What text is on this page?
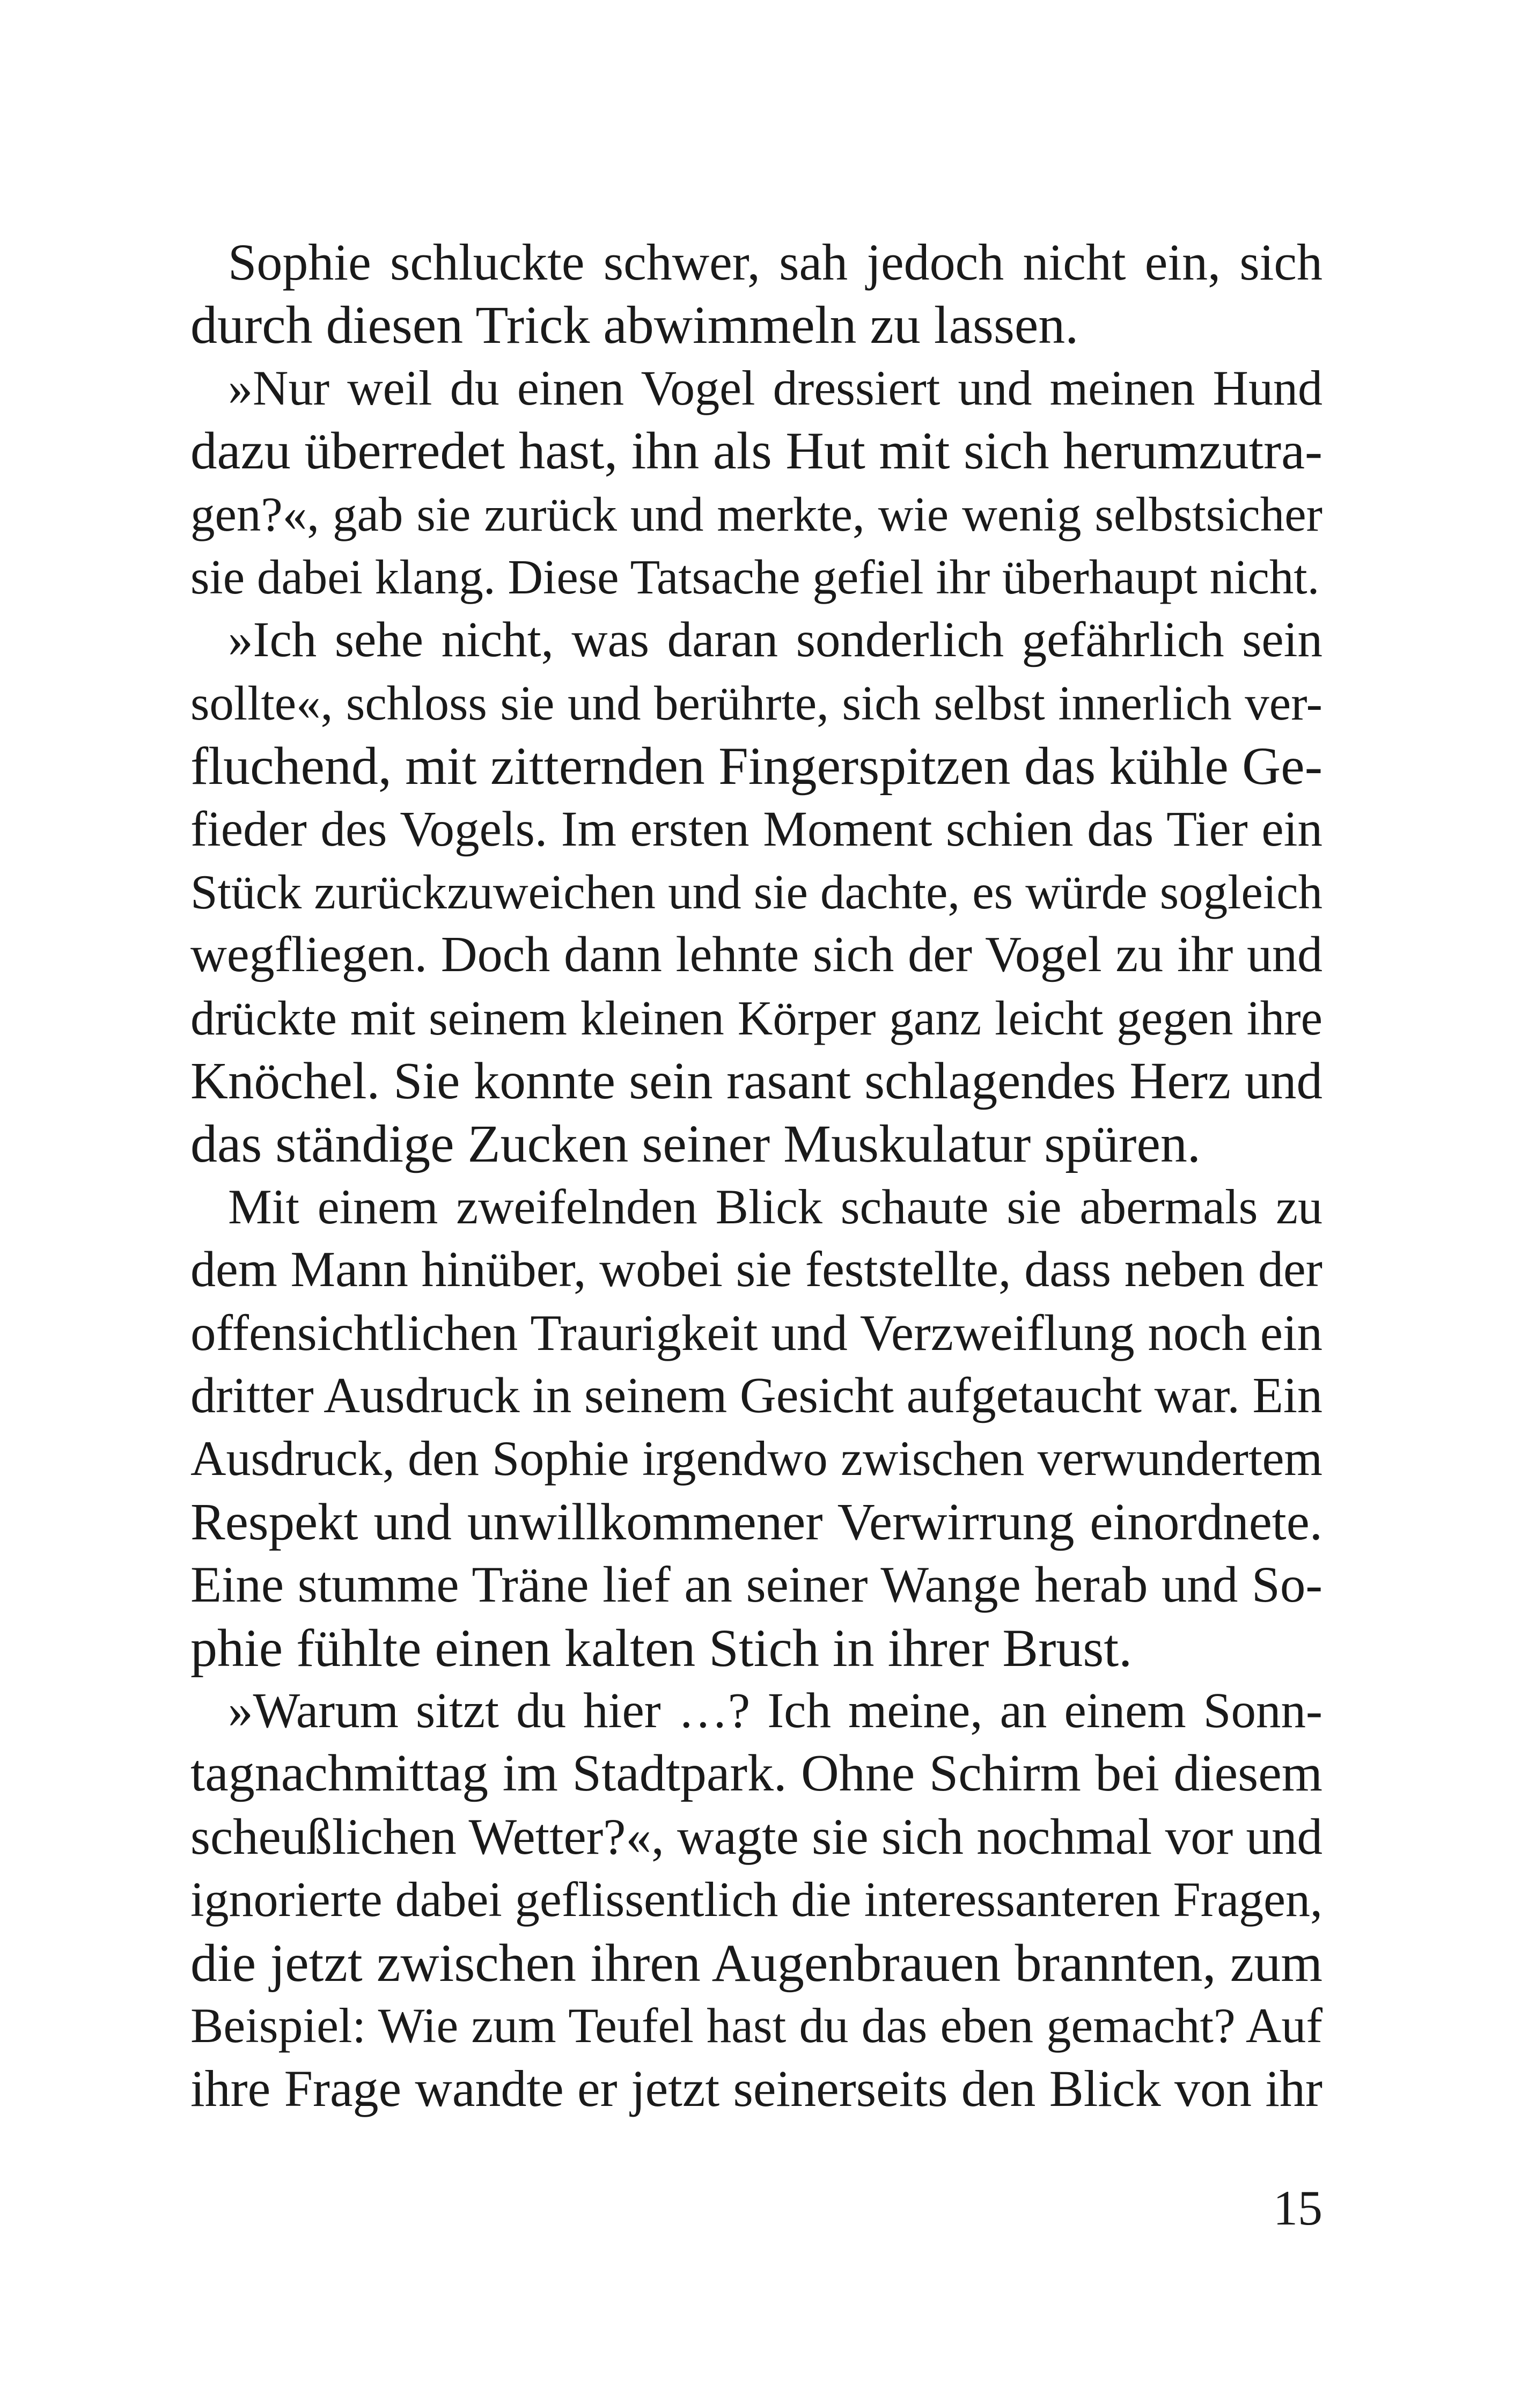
Sophie schluckte schwer, sah jedoch nicht ein, sich
durch diesen Trick abwimmeln zu lassen.
»Nur weil du einen Vogel dressiert und meinen Hund
dazu überredet hast, ihn als Hut mit sich herumzutra-
gen?«, gab sie zurück und merkte, wie wenig selbstsicher
sie dabei klang. Diese Tatsache gefiel ihr überhaupt nicht.
»Ich sehe nicht, was daran sonderlich gefährlich sein
sollte«, schloss sie und berührte, sich selbst innerlich ver-
fluchend, mit zitternden Fingerspitzen das kühle Ge-
fieder des Vogels. Im ersten Moment schien das Tier ein
Stück zurückzuweichen und sie dachte, es würde sogleich
wegfliegen. Doch dann lehnte sich der Vogel zu ihr und
drückte mit seinem kleinen Körper ganz leicht gegen ihre
Knöchel. Sie konnte sein rasant schlagendes Herz und
das ständige Zucken seiner Muskulatur spüren.
Mit einem zweifelnden Blick schaute sie abermals zu
dem Mann hinüber, wobei sie feststellte, dass neben der
offensichtlichen Traurigkeit und Verzweiflung noch ein
dritter Ausdruck in seinem Gesicht aufgetaucht war. Ein
Ausdruck, den Sophie irgendwo zwischen verwundertem
Respekt und unwillkommener Verwirrung einordnete.
Eine stumme Träne lief an seiner Wange herab und So-
phie fühlte einen kalten Stich in ihrer Brust.
»Warum sitzt du hier …? Ich meine, an einem Sonn-
tagnachmittag im Stadtpark. Ohne Schirm bei diesem
scheußlichen Wetter?«, wagte sie sich nochmal vor und
ignorierte dabei geflissentlich die interessanteren Fragen,
die jetzt zwischen ihren Augenbrauen brannten, zum
Beispiel: Wie zum Teufel hast du das eben gemacht? Auf
ihre Frage wandte er jetzt seinerseits den Blick von ihr
15
